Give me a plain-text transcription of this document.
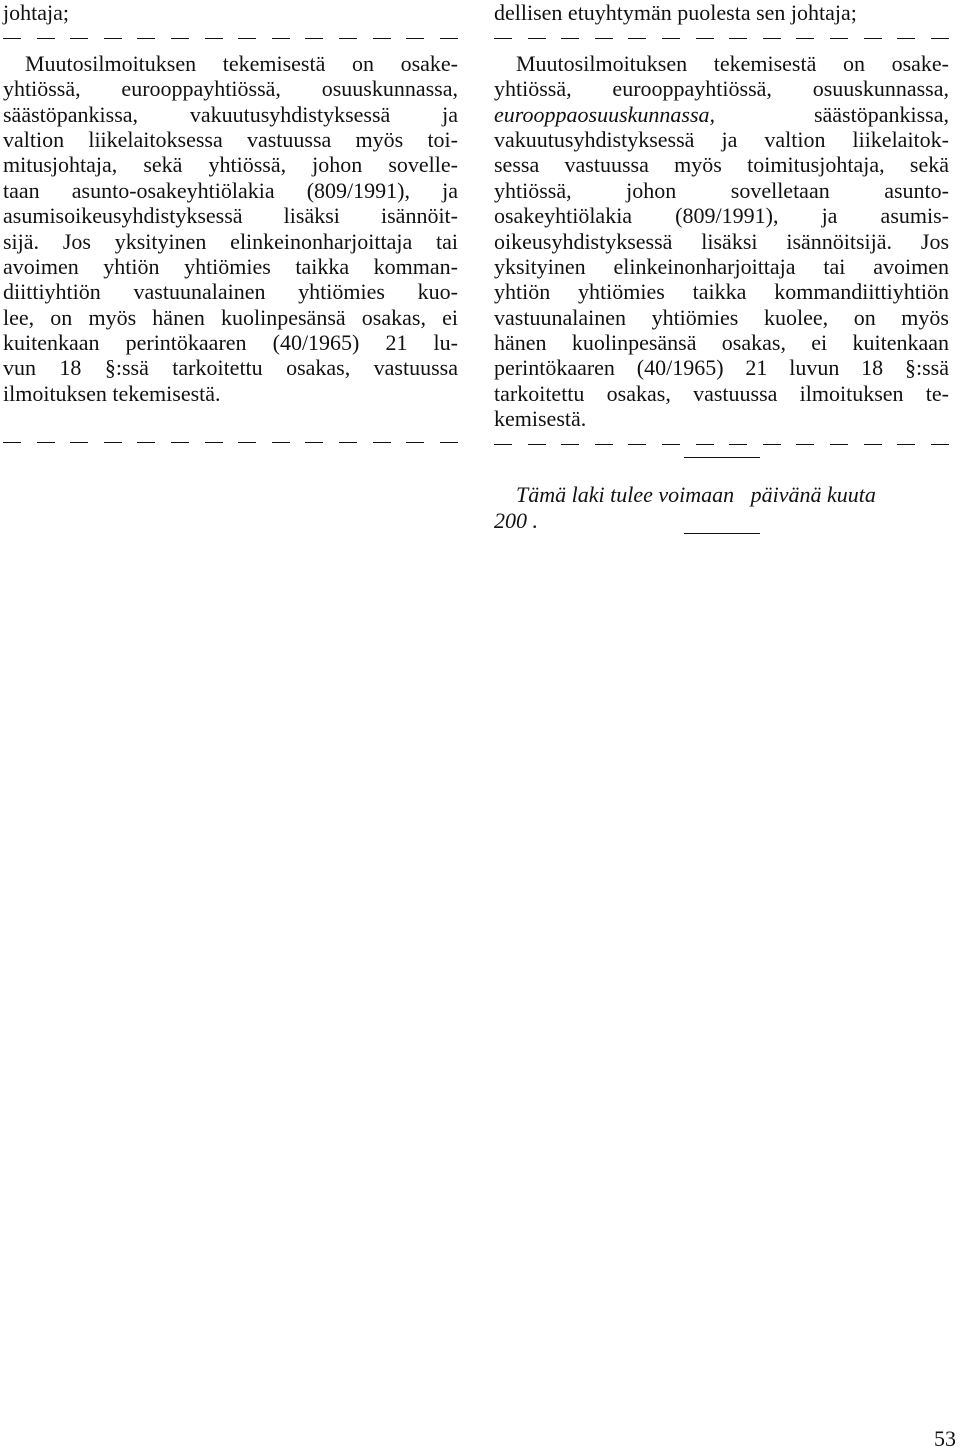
johtaja;
Muutosilmoituksen tekemisestä on osake-
yhtiössä, eurooppayhtiössä, osuuskunnassa,
säästöpankissa, vakuutusyhdistyksessä ja
valtion liikelaitoksessa vastuussa myös toi-
mitusjohtaja, sekä yhtiössä, johon sovelle-
taan asunto-osakeyhtiölakia (809/1991), ja
asumisoikeusyhdistyksessä lisäksi isännöit-
sijä. Jos yksityinen elinkeinonharjoittaja tai
avoimen yhtiön yhtiömies taikka komman-
diittiyhtiön vastuunalainen yhtiömies kuo-
lee, on myös hänen kuolinpesänsä osakas, ei
kuitenkaan perintökaaren (40/1965) 21 lu-
vun 18 §:ssä tarkoitettu osakas, vastuussa
ilmoituksen tekemisestä.
dellisen etuyhtymän puolesta sen johtaja;
Muutosilmoituksen tekemisestä on osake-
yhtiössä, eurooppayhtiössä, osuuskunnassa,
eurooppaosuuskunnassa, säästöpankissa,
vakuutusyhdistyksessä ja valtion liikelaitok-
sessa vastuussa myös toimitusjohtaja, sekä
yhtiössä, johon sovelletaan asunto-
osakeyhtiölakia (809/1991), ja asumis-
oikeusyhdistyksessä lisäksi isännöitsijä. Jos
yksityinen elinkeinonharjoittaja tai avoimen
yhtiön yhtiömies taikka kommandiittiyhtiön
vastuunalainen yhtiömies kuolee, on myös
hänen kuolinpesänsä osakas, ei kuitenkaan
perintökaaren (40/1965) 21 luvun 18 §:ssä
tarkoitettu osakas, vastuussa ilmoituksen te-
kemisestä.
Tämä laki tulee voimaan   päivänä kuuta
200 .
53
